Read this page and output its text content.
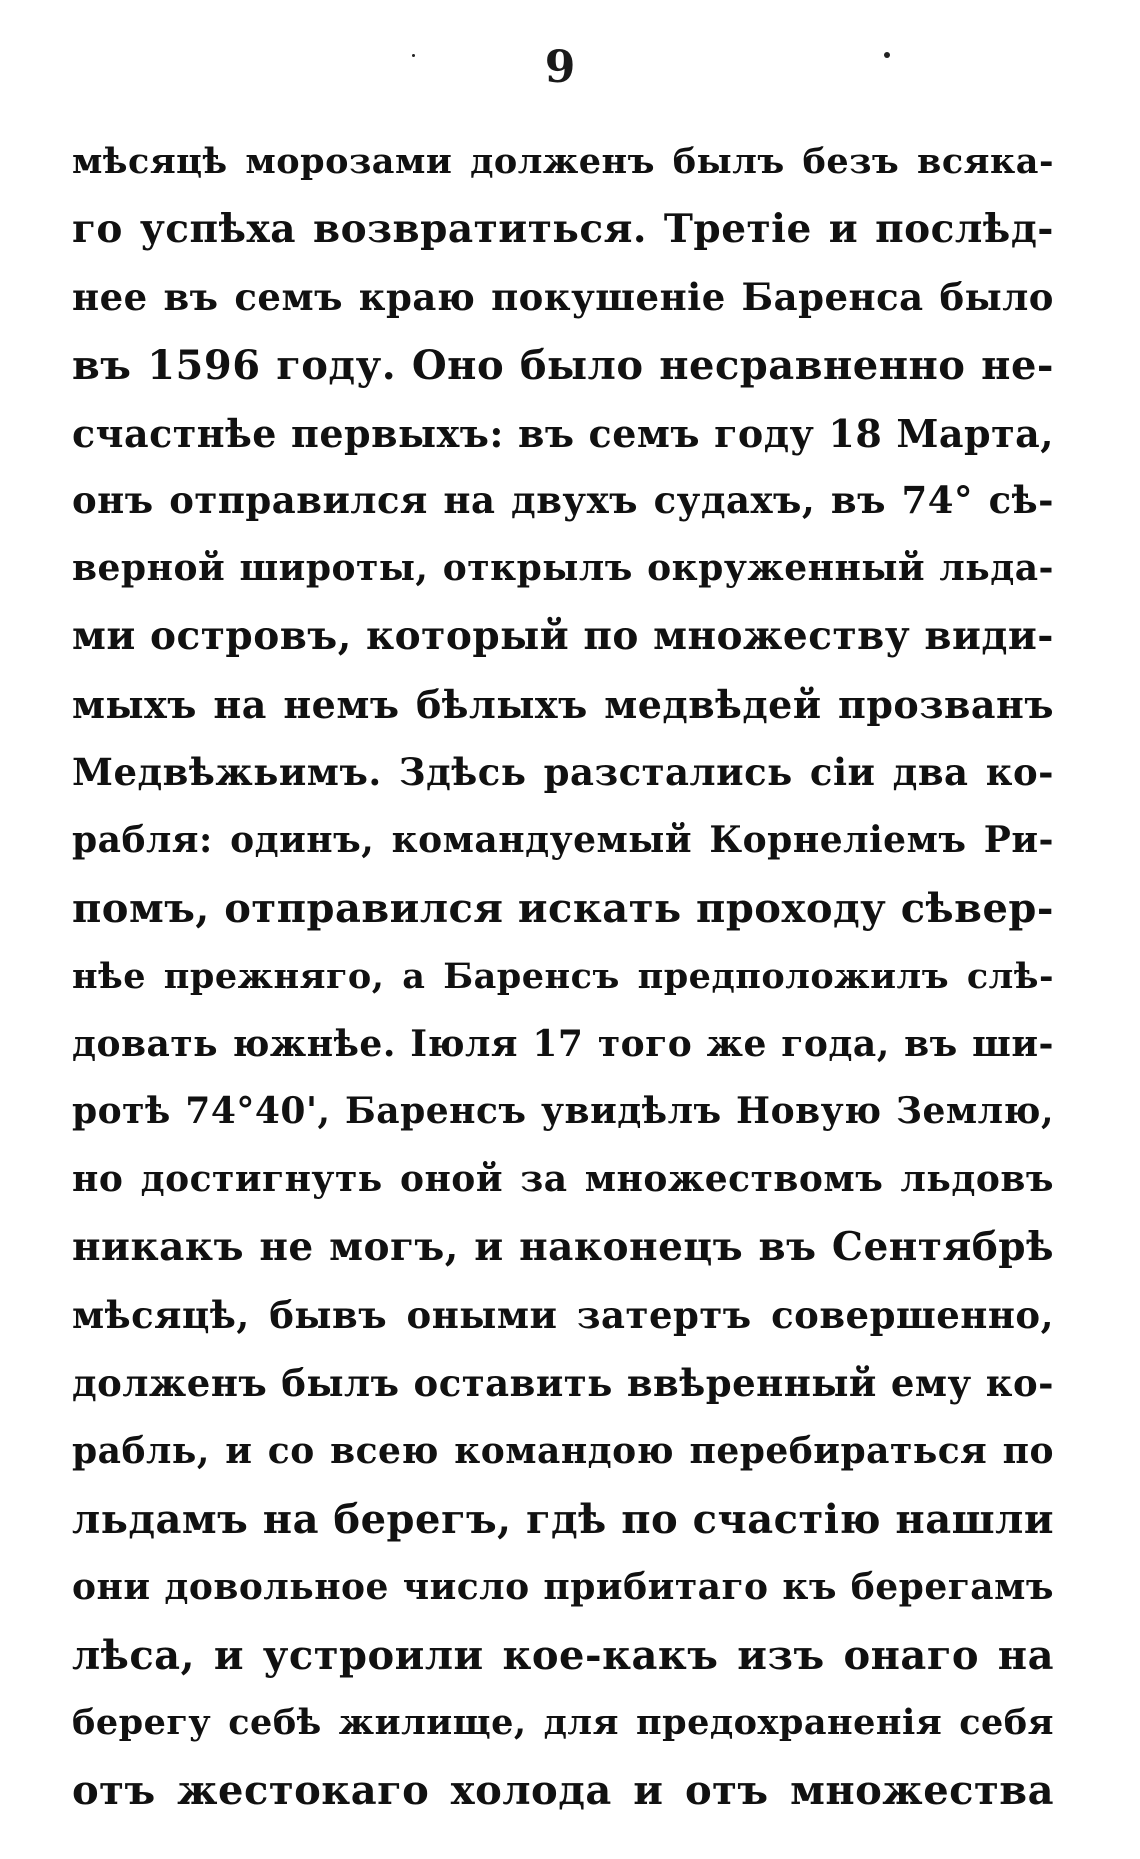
9
мѣсяцѣ морозами долженъ былъ безъ всяка-
го успѣха возвратиться. Третіе и послѣд-
нее въ семъ краю покушеніе Баренса было
въ 1596 году. Оно было несравненно не-
счастнѣе первыхъ: въ семъ году 18 Марта,
онъ отправился на двухъ судахъ, въ 74° сѣ-
верной широты, открылъ окруженный льда-
ми островъ, который по множеству види-
мыхъ на немъ бѣлыхъ медвѣдей прозванъ
Медвѣжьимъ. Здѣсь разстались сіи два ко-
рабля: одинъ, командуемый Корнеліемъ Ри-
помъ, отправился искать проходу сѣвер-
нѣе прежняго, а Баренсъ предположилъ слѣ-
довать южнѣе. Іюля 17 того же года, въ ши-
ротѣ 74°40', Баренсъ увидѣлъ Новую Землю,
но достигнуть оной за множествомъ льдовъ
никакъ не могъ, и наконецъ въ Сентябрѣ
мѣсяцѣ, бывъ оными затертъ совершенно,
долженъ былъ оставить ввѣренный ему ко-
рабль, и со всею командою перебираться по
льдамъ на берегъ, гдѣ по счастію нашли
они довольное число прибитаго къ берегамъ
лѣса, и устроили кое-какъ изъ онаго на
берегу себѣ жилище, для предохраненія себя
отъ жестокаго холода и отъ множества
